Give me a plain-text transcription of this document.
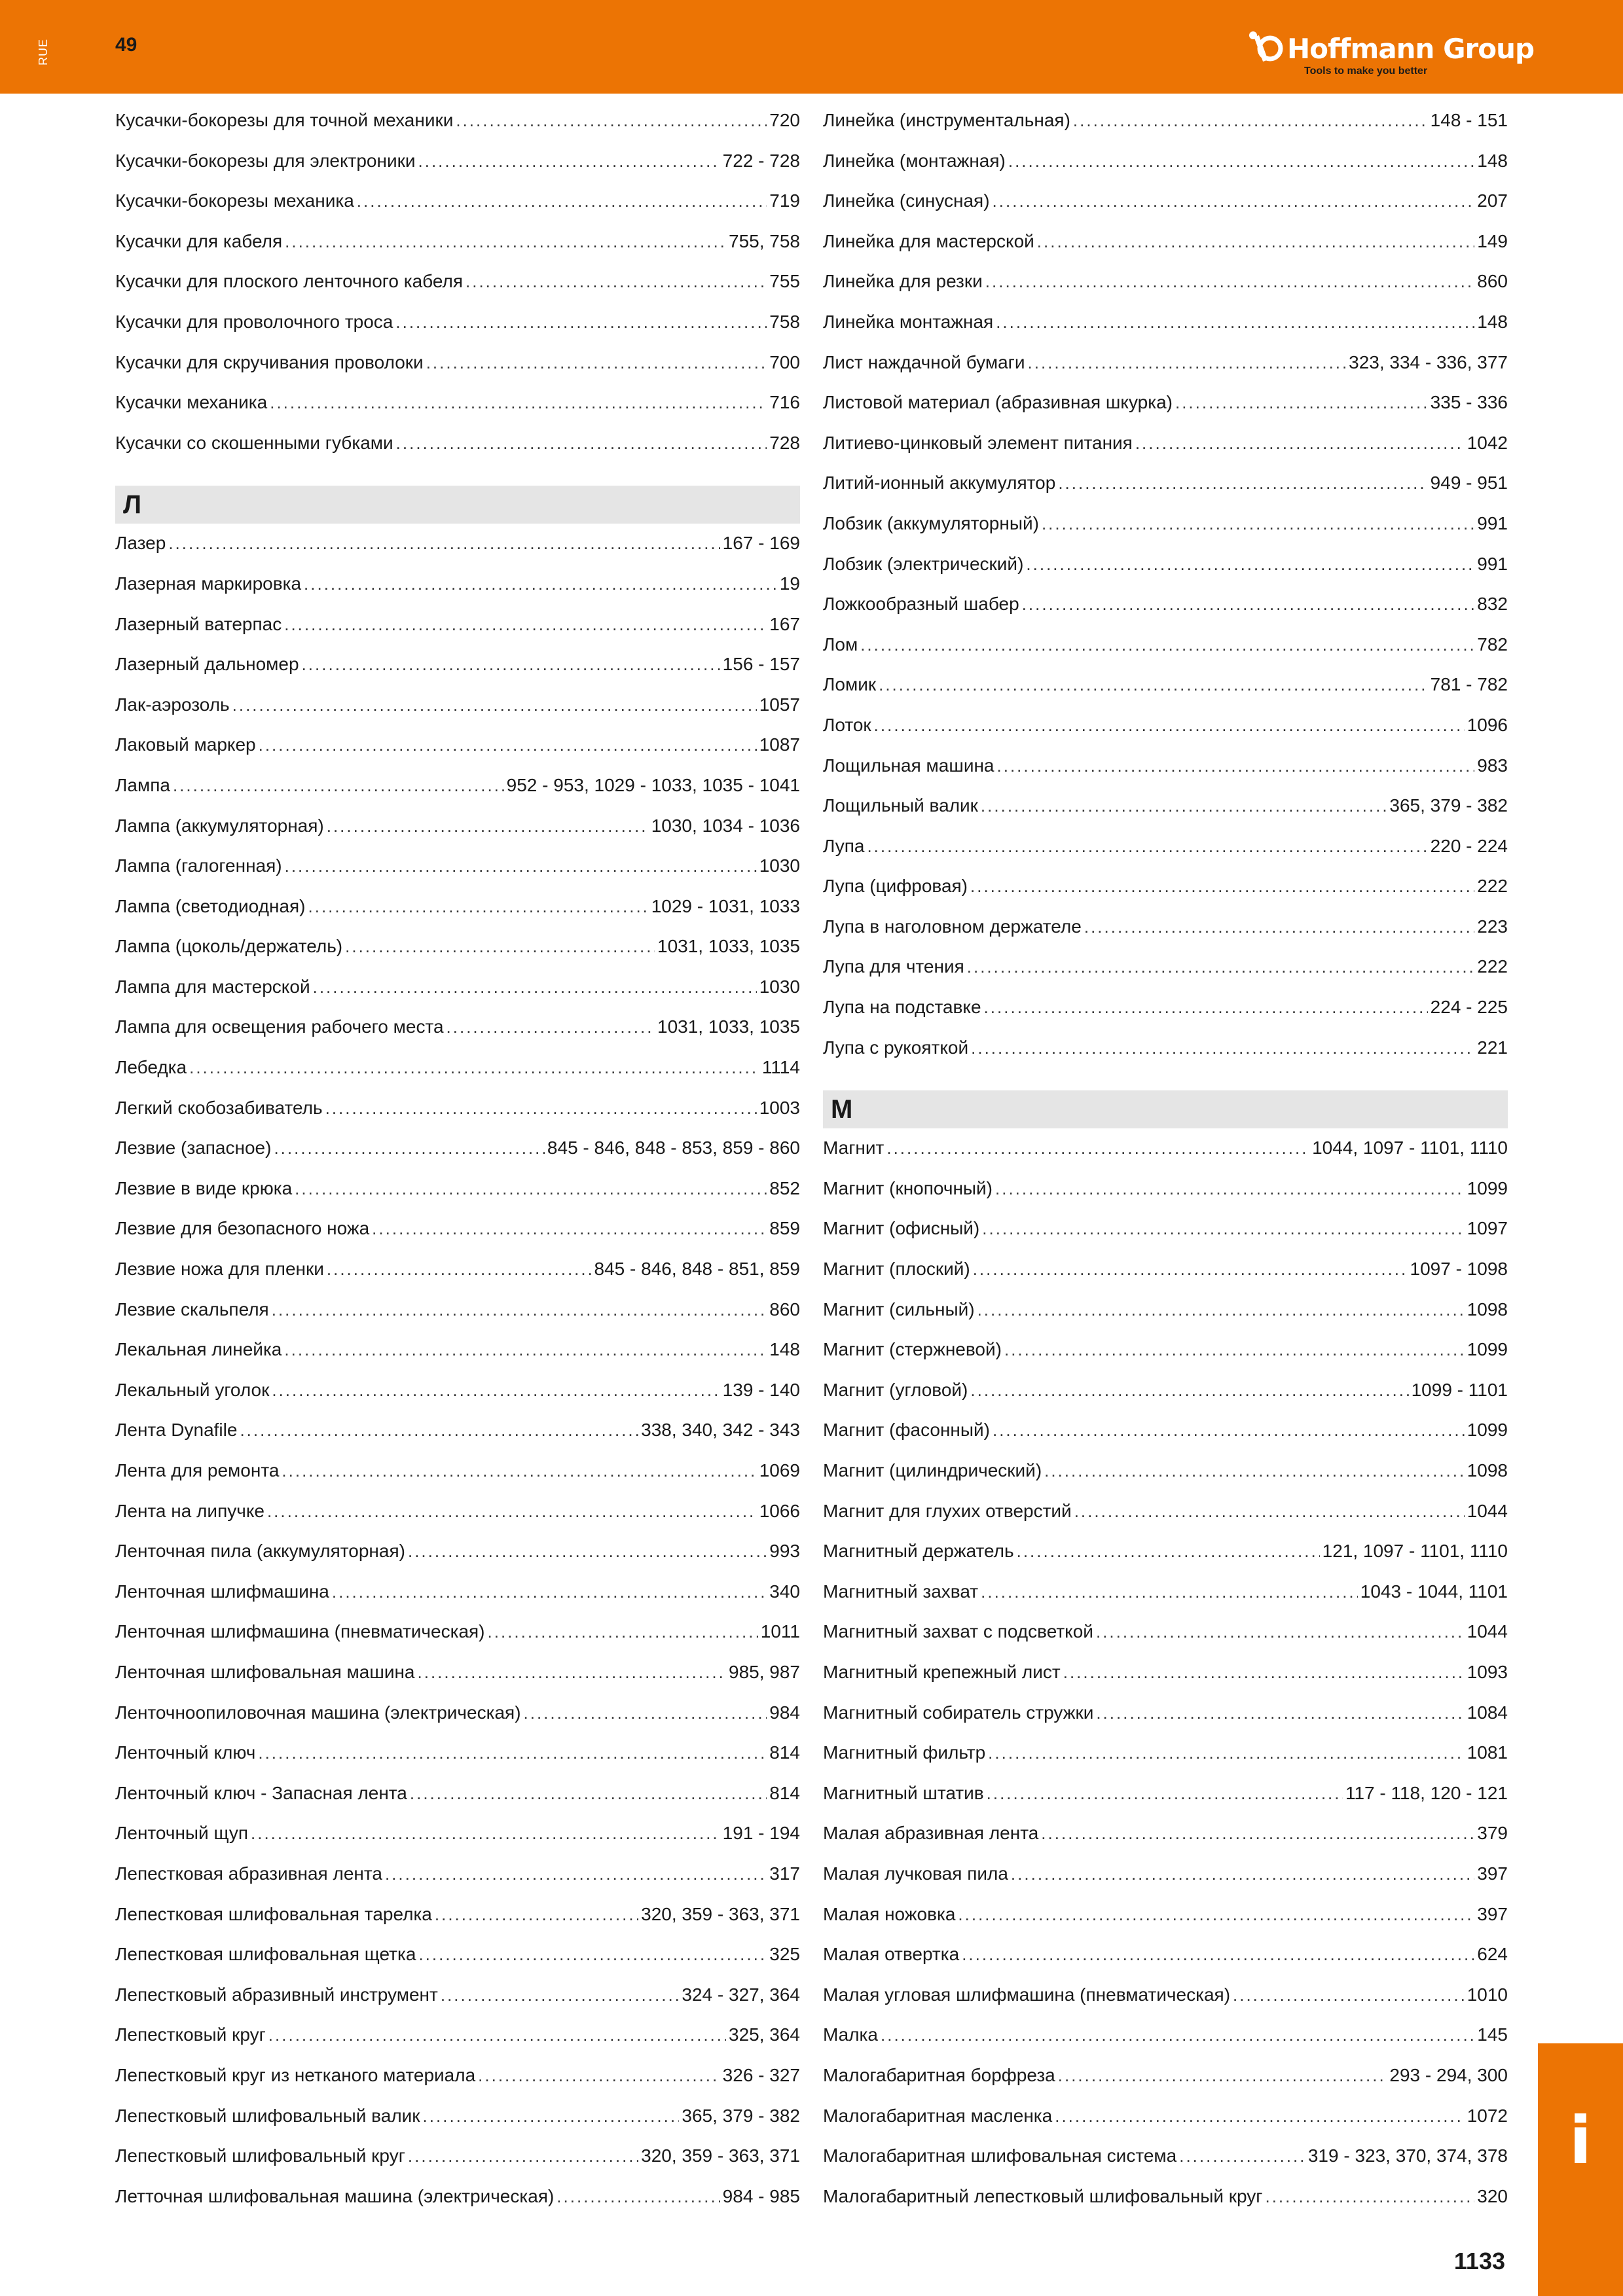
RUE	49	Hoffmann Group
Tools to make you better
Кусачки-бокорезы для точной механики .....	720
Кусачки-бокорезы для электроники .....	722 - 728
Кусачки-бокорезы механика .....	719
Кусачки для кабеля .....	755, 758
Кусачки для плоского ленточного кабеля .....	755
Кусачки для проволочного троса .....	758
Кусачки для скручивания проволоки .....	700
Кусачки механика .....	716
Кусачки со скошенными губками .....	728
Л
Лазер .....	167 - 169
Лазерная маркировка .....	19
Лазерный ватерпас .....	167
Лазерный дальномер .....	156 - 157
Лак-аэрозоль .....	1057
Лаковый маркер .....	1087
Лампа .....	952 - 953, 1029 - 1033, 1035 - 1041
Лампа (аккумуляторная) .....	1030, 1034 - 1036
Лампа (галогенная) .....	1030
Лампа (светодиодная) .....	1029 - 1031, 1033
Лампа (цоколь/держатель) .....	1031, 1033, 1035
Лампа для мастерской .....	1030
Лампа для освещения рабочего места .....	1031, 1033, 1035
Лебедка .....	1114
Легкий скобозабиватель .....	1003
Лезвие (запасное) .....	845 - 846, 848 - 853, 859 - 860
Лезвие в виде крюка .....	852
Лезвие для безопасного ножа .....	859
Лезвие ножа для пленки .....	845 - 846, 848 - 851, 859
Лезвие скальпеля .....	860
Лекальная линейка .....	148
Лекальный уголок .....	139 - 140
Лента Dynafile .....	338, 340, 342 - 343
Лента для ремонта .....	1069
Лента на липучке .....	1066
Ленточная пила (аккумуляторная) .....	993
Ленточная шлифмашина .....	340
Ленточная шлифмашина (пневматическая) .....	1011
Ленточная шлифовальная машина .....	985, 987
Ленточноопиловочная машина (электрическая) .....	984
Ленточный ключ .....	814
Ленточный ключ - Запасная лента .....	814
Ленточный щуп .....	191 - 194
Лепестковая абразивная лента .....	317
Лепестковая шлифовальная тарелка .....	320, 359 - 363, 371
Лепестковая шлифовальная щетка .....	325
Лепестковый абразивный инструмент .....	324 - 327, 364
Лепестковый круг .....	325, 364
Лепестковый круг из нетканого материала .....	326 - 327
Лепестковый шлифовальный валик .....	365, 379 - 382
Лепестковый шлифовальный круг .....	320, 359 - 363, 371
Летточная шлифовальная машина (электрическая) .....	984 - 985
Линейка (инструментальная) .....	148 - 151
Линейка (монтажная) .....	148
Линейка (синусная) .....	207
Линейка для мастерской .....	149
Линейка для резки .....	860
Линейка монтажная .....	148
Лист наждачной бумаги .....	323, 334 - 336, 377
Листовой материал (абразивная шкурка) .....	335 - 336
Литиево-цинковый элемент питания .....	1042
Литий-ионный аккумулятор .....	949 - 951
Лобзик (аккумуляторный) .....	991
Лобзик (электрический) .....	991
Ложкообразный шабер .....	832
Лом .....	782
Ломик .....	781 - 782
Лоток .....	1096
Лощильная машина .....	983
Лощильный валик .....	365, 379 - 382
Лупа .....	220 - 224
Лупа (цифровая) .....	222
Лупа в наголовном держателе .....	223
Лупа для чтения .....	222
Лупа на подставке .....	224 - 225
Лупа с рукояткой .....	221
М
Магнит .....	1044, 1097 - 1101, 1110
Магнит (кнопочный) .....	1099
Магнит (офисный) .....	1097
Магнит (плоский) .....	1097 - 1098
Магнит (сильный) .....	1098
Магнит (стержневой) .....	1099
Магнит (угловой) .....	1099 - 1101
Магнит (фасонный) .....	1099
Магнит (цилиндрический) .....	1098
Магнит для глухих отверстий .....	1044
Магнитный держатель .....	121, 1097 - 1101, 1110
Магнитный захват .....	1043 - 1044, 1101
Магнитный захват с подсветкой .....	1044
Магнитный крепежный лист .....	1093
Магнитный собиратель стружки .....	1084
Магнитный фильтр .....	1081
Магнитный штатив .....	117 - 118, 120 - 121
Малая абразивная лента .....	379
Малая лучковая пила .....	397
Малая ножовка .....	397
Малая отвертка .....	624
Малая угловая шлифмашина (пневматическая) .....	1010
Малка .....	145
Малогабаритная борфреза .....	293 - 294, 300
Малогабаритная масленка .....	1072
Малогабаритная шлифовальная система .....	319 - 323, 370, 374, 378
Малогабаритный лепестковый шлифовальный круг .....	320
i
1133
